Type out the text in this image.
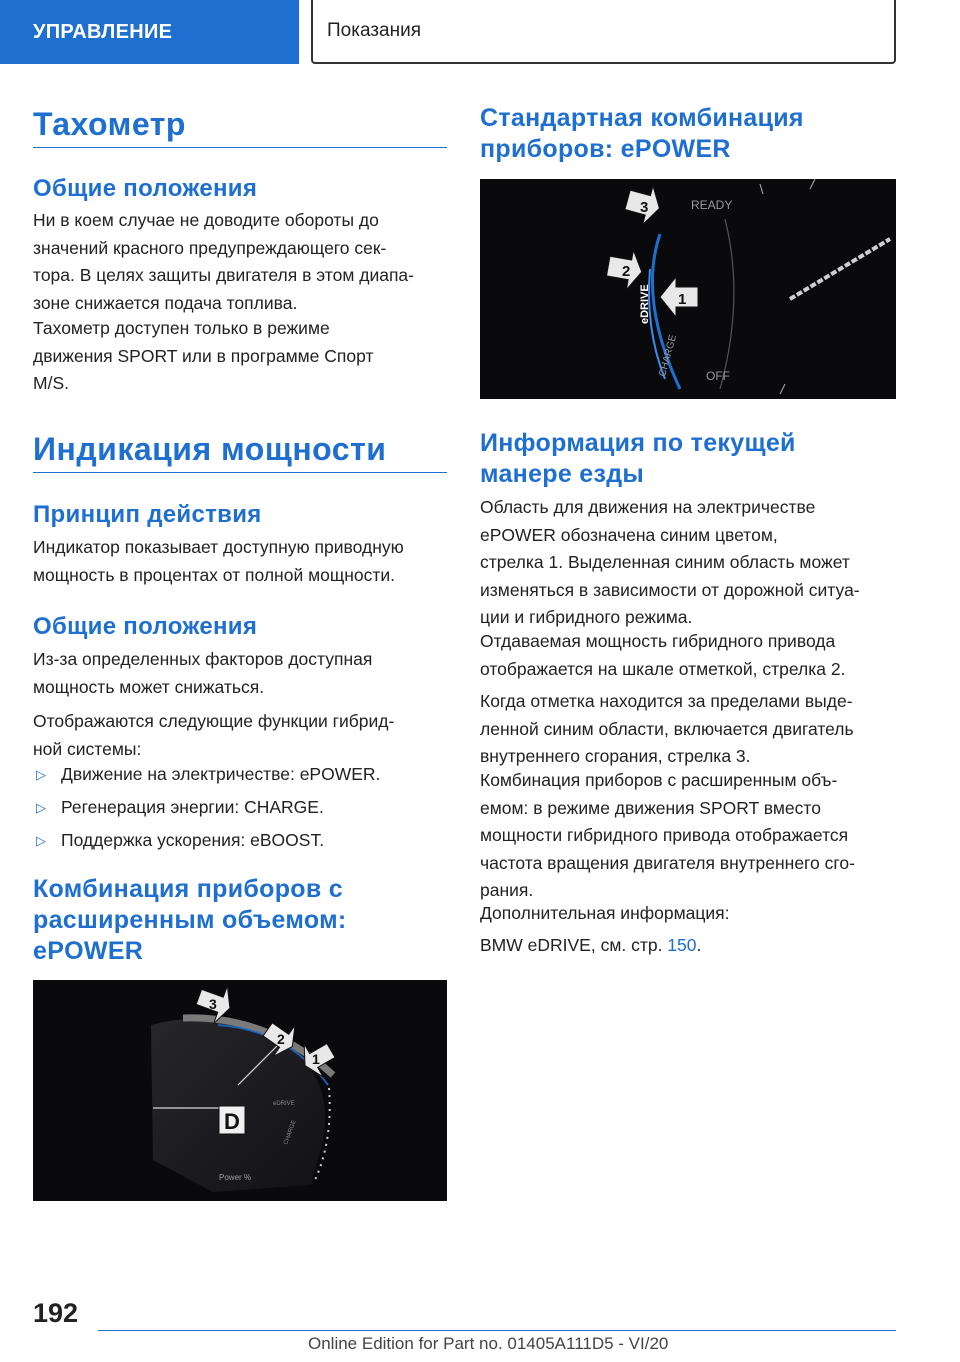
УПРАВЛЕНИЕ	Показания
Тахометр
Общие положения
Ни в коем случае не доводите обороты до
значений красного предупреждающего сек-
тора. В целях защиты двигателя в этом диапа-
зоне снижается подача топлива.
Тахометр доступен только в режиме
движения SPORT или в программе Спорт
M/S.
Индикация мощности
Принцип действия
Индикатор показывает доступную приводную
мощность в процентах от полной мощности.
Общие положения
Из-за определенных факторов доступная
мощность может снижаться.
Отображаются следующие функции гибрид-
ной системы:
▷ Движение на электричестве: ePOWER.
▷ Регенерация энергии: CHARGE.
▷ Поддержка ускорения: eBOOST.
Комбинация приборов с
расширенным объемом:
ePOWER
D
eDRIVE
CHARGE
Power %
3
2
1
Стандартная комбинация
приборов: ePOWER
READY
OFF
eDRIVE
CHARGE
3
2
1
Информация по текущей
манере езды
Область для движения на электричестве
ePOWER обозначена синим цветом,
стрелка 1. Выделенная синим область может
изменяться в зависимости от дорожной ситуа-
ции и гибридного режима.
Отдаваемая мощность гибридного привода
отображается на шкале отметкой, стрелка 2.
Когда отметка находится за пределами выде-
ленной синим области, включается двигатель
внутреннего сгорания, стрелка 3.
Комбинация приборов с расширенным объ-
емом: в режиме движения SPORT вместо
мощности гибридного привода отображается
частота вращения двигателя внутреннего сго-
рания.
Дополнительная информация:
BMW eDRIVE, см. стр. 150.
192
Online Edition for Part no. 01405A111D5 - VI/20
